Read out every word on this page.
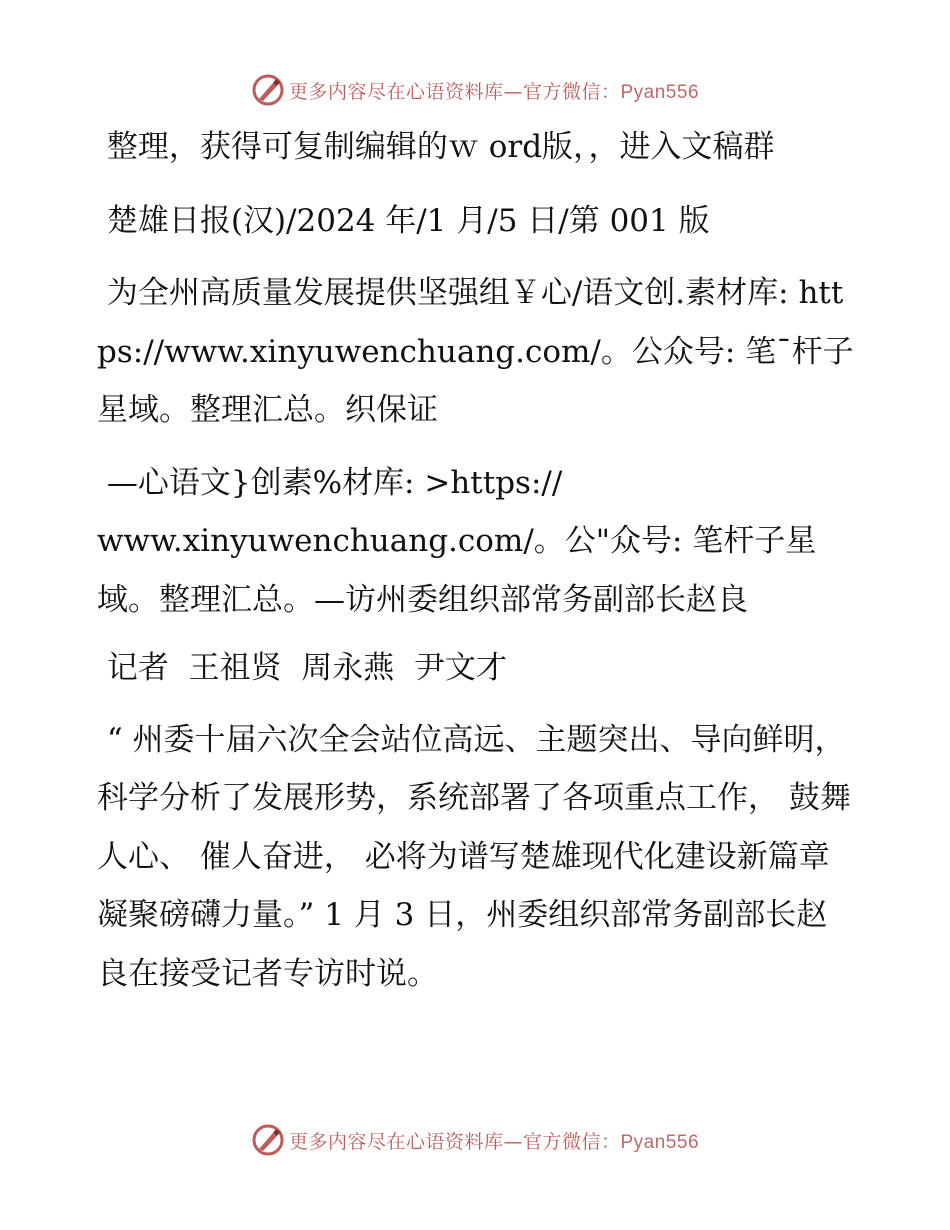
更多内容尽在心语资料库—官方微信：Pyan556

整理，获得可复制编辑的ｗ ord版，，进入文稿群

楚雄日报(汉)/2024 年/1 月/5 日/第 001 版

为全州高质量发展提供坚强组￥心/语文创.素材库: https://www.xinyuwenchuang.com/。公众号: 笔¯杆子星域。整理汇总。织保证

—心语文}创素%材库: >https://
www.xinyuwenchuang.com/。公"众号: 笔杆子星域。整理汇总。—访州委组织部常务副部长赵良

记者  王祖贤  周永燕  尹文才

“ 州委十届六次全会站位高远、主题突出、导向鲜明，科学分析了发展形势，系统部署了各项重点工作， 鼓舞人心、 催人奋进， 必将为谱写楚雄现代化建设新篇章凝聚磅礴力量。” 1 月 3 日，州委组织部常务副部长赵良在接受记者专访时说。

更多内容尽在心语资料库—官方微信：Pyan556
